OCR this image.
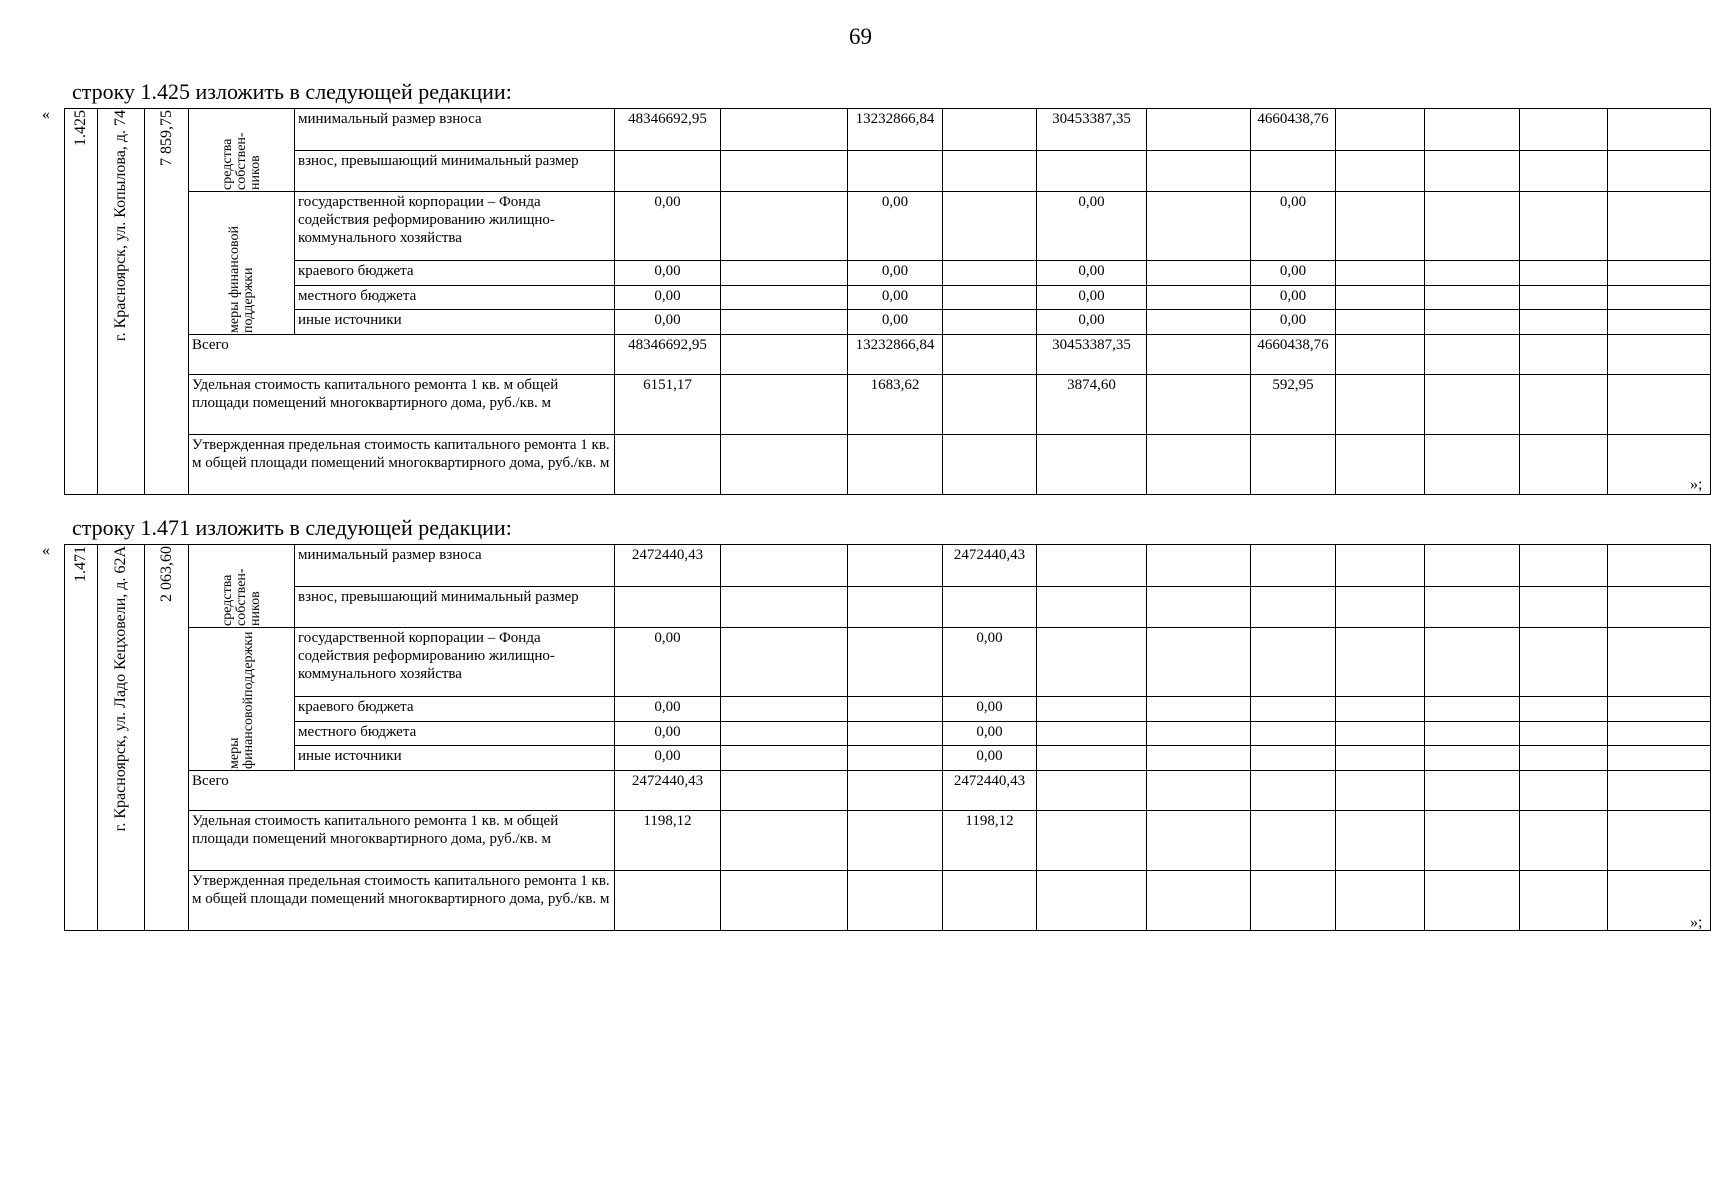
69
строку 1.425 изложить в следующей редакции:
«
»;
1.425	г. Красноярск, ул. Копылова, д. 74	7 859,75	средства собствен-ников	минимальный размер взноса	48346692,95		13232866,84		30453387,35		4660438,76				
				взнос, превышающий минимальный размер											

			меры финансовой поддержки	государственной корпорации – Фонда содействия реформированию жилищно-коммунального хозяйства	0,00		0,00		0,00		0,00				
				краевого бюджета	0,00		0,00		0,00		0,00				
				местного бюджета	0,00		0,00		0,00		0,00				
				иные источники	0,00		0,00		0,00		0,00				
			Всего		48346692,95		13232866,84		30453387,35		4660438,76				
			Удельная стоимость капитального ремонта 1 кв. м общей площади помещений многоквартирного дома, руб./кв. м		6151,17		1683,62		3874,60		592,95				
			Утвержденная предельная стоимость капитального ремонта 1 кв. м общей площади помещений многоквартирного дома, руб./кв. м												
строку 1.471 изложить в следующей редакции:
«
»;
1.471	г. Красноярск, ул. Ладо Кецховели, д. 62А	2 063,60	средства собствен-ников	минимальный размер взноса	2472440,43			2472440,43							
				взнос, превышающий минимальный размер											

			меры финансовойподдержки	государственной корпорации – Фонда содействия реформированию жилищно-коммунального хозяйства	0,00			0,00							
				краевого бюджета	0,00			0,00							
				местного бюджета	0,00			0,00							
				иные источники	0,00			0,00							
			Всего		2472440,43			2472440,43							
			Удельная стоимость капитального ремонта 1 кв. м общей площади помещений многоквартирного дома, руб./кв. м		1198,12			1198,12							
			Утвержденная предельная стоимость капитального ремонта 1 кв. м общей площади помещений многоквартирного дома, руб./кв. м												
